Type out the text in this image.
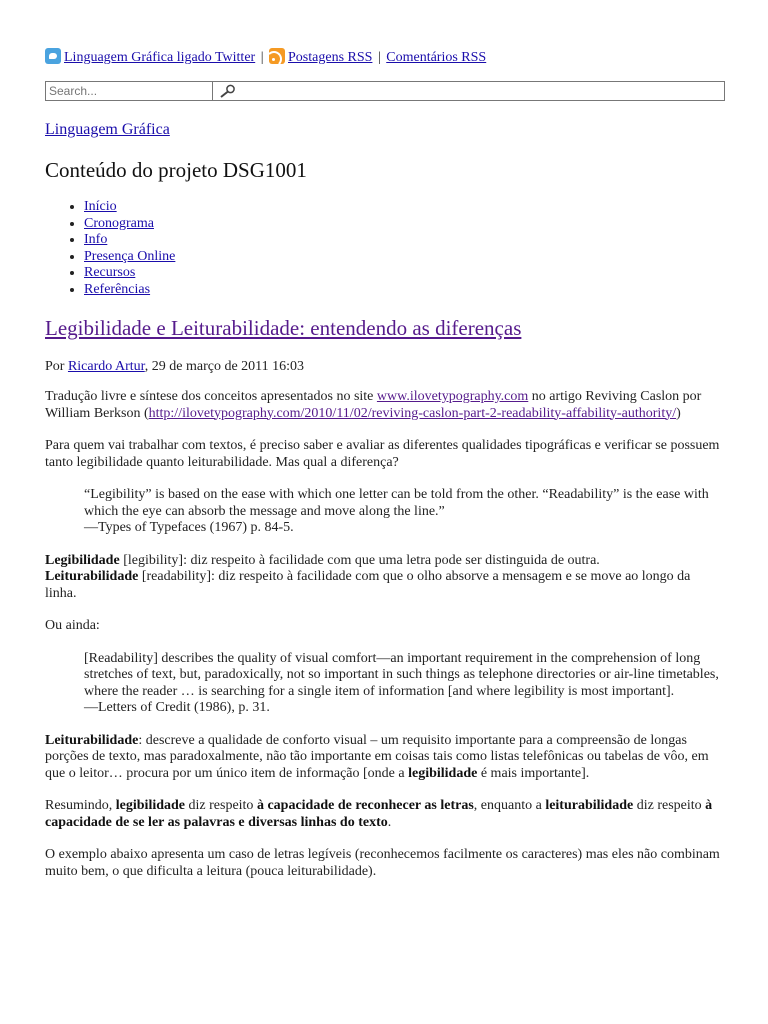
Linguagem Gráfica ligado Twitter | Postagens RSS | Comentários RSS
Search...
Linguagem Gráfica
Conteúdo do projeto DSG1001
• Início
• Cronograma
• Info
• Presença Online
• Recursos
• Referências
Legibilidade e Leiturabilidade: entendendo as diferenças
Por Ricardo Artur, 29 de março de 2011 16:03

Tradução livre e síntese dos conceitos apresentados no site www.ilovetypography.com no artigo Reviving Caslon por William Berkson (http://ilovetypography.com/2010/11/02/reviving-caslon-part-2-readability-affability-authority/)

Para quem vai trabalhar com textos, é preciso saber e avaliar as diferentes qualidades tipográficas e verificar se possuem tanto legibilidade quanto leiturabilidade. Mas qual a diferença?

“Legibility” is based on the ease with which one letter can be told from the other. “Readability” is the ease with which the eye can absorb the message and move along the line.”
—Types of Typefaces (1967) p. 84-5.

Legibilidade [legibility]: diz respeito à facilidade com que uma letra pode ser distinguida de outra.
Leiturabilidade [readability]: diz respeito à facilidade com que o olho absorve a mensagem e se move ao longo da linha.

Ou ainda:

[Readability] describes the quality of visual comfort—an important requirement in the comprehension of long stretches of text, but, paradoxically, not so important in such things as telephone directories or air-line timetables, where the reader … is searching for a single item of information [and where legibility is most important].
—Letters of Credit (1986), p. 31.

Leiturabilidade: descreve a qualidade de conforto visual – um requisito importante para a compreensão de longas porções de texto, mas paradoxalmente, não tão importante em coisas tais como listas telefônicas ou tabelas de vôo, em que o leitor… procura por um único item de informação [onde a legibilidade é mais importante].

Resumindo, legibilidade diz respeito à capacidade de reconhecer as letras, enquanto a leiturabilidade diz respeito à capacidade de se ler as palavras e diversas linhas do texto.

O exemplo abaixo apresenta um caso de letras legíveis (reconhecemos facilmente os caracteres) mas eles não combinam muito bem, o que dificulta a leitura (pouca leiturabilidade).
